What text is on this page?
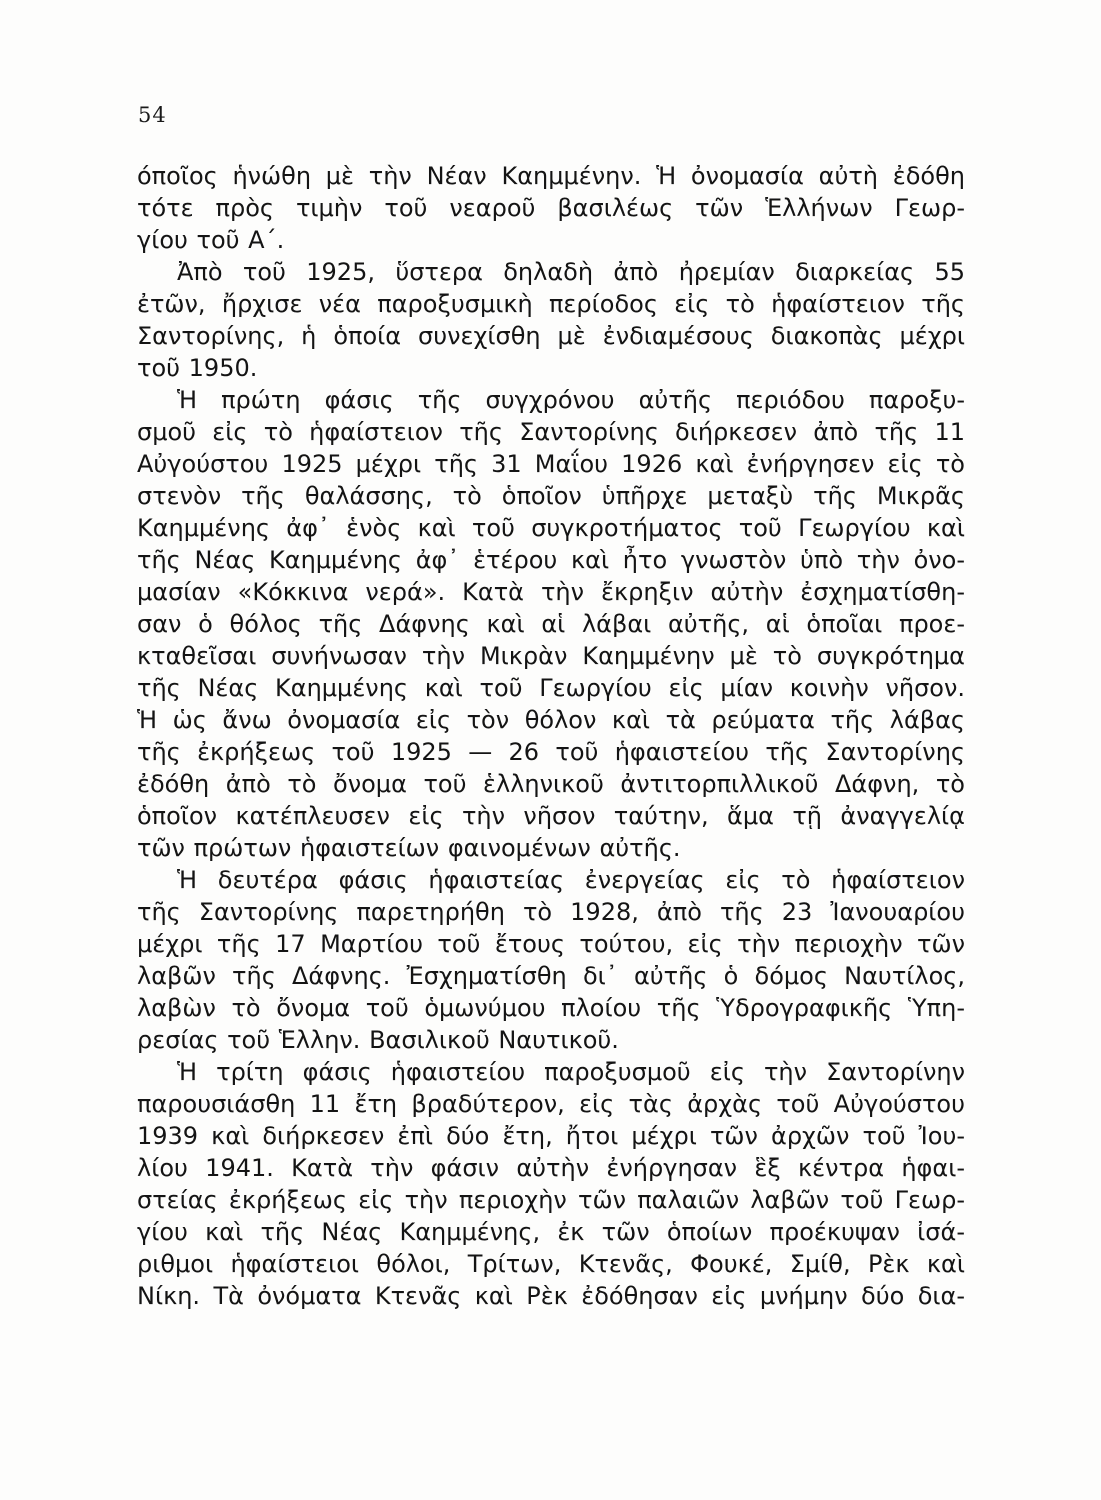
54
όποῖος ἡνώθη μὲ τὴν Νέαν Καημμένην. Ἡ ὀνομασία αὐτὴ ἐδόθη
τότε πρὸς τιμὴν τοῦ νεαροῦ βασιλέως τῶν Ἑλλήνων Γεωρ-
γίου τοῦ Α΄.
Ἀπὸ τοῦ 1925, ὕστερα δηλαδὴ ἀπὸ ἠρεμίαν διαρκείας 55
ἐτῶν, ἤρχισε νέα παροξυσμικὴ περίοδος εἰς τὸ ἡφαίστειον τῆς
Σαντορίνης, ἡ ὁποία συνεχίσθη μὲ ἐνδιαμέσους διακοπὰς μέχρι
τοῦ 1950.
Ἡ πρώτη φάσις τῆς συγχρόνου αὐτῆς περιόδου παροξυ-
σμοῦ εἰς τὸ ἡφαίστειον τῆς Σαντορίνης διήρκεσεν ἀπὸ τῆς 11
Αὐγούστου 1925 μέχρι τῆς 31 Μαΐου 1926 καὶ ἐνήργησεν εἰς τὸ
στενὸν τῆς θαλάσσης, τὸ ὁποῖον ὑπῆρχε μεταξὺ τῆς Μικρᾶς
Καημμένης ἀφ᾽ ἑνὸς καὶ τοῦ συγκροτήματος τοῦ Γεωργίου καὶ
τῆς Νέας Καημμένης ἀφ᾽ ἑτέρου καὶ ἦτο γνωστὸν ὑπὸ τὴν ὀνο-
μασίαν «Κόκκινα νερά». Κατὰ τὴν ἔκρηξιν αὐτὴν ἐσχηματίσθη-
σαν ὁ θόλος τῆς Δάφνης καὶ αἱ λάβαι αὐτῆς, αἱ ὁποῖαι προε-
κταθεῖσαι συνήνωσαν τὴν Μικρὰν Καημμένην μὲ τὸ συγκρότημα
τῆς Νέας Καημμένης καὶ τοῦ Γεωργίου εἰς μίαν κοινὴν νῆσον.
Ἡ ὡς ἄνω ὀνομασία εἰς τὸν θόλον καὶ τὰ ρεύματα τῆς λάβας
τῆς ἐκρήξεως τοῦ 1925 — 26 τοῦ ἡφαιστείου τῆς Σαντορίνης
ἐδόθη ἀπὸ τὸ ὄνομα τοῦ ἑλληνικοῦ ἀντιτορπιλλικοῦ Δάφνη, τὸ
ὁποῖον κατέπλευσεν εἰς τὴν νῆσον ταύτην, ἅμα τῇ ἀναγγελίᾳ
τῶν πρώτων ἡφαιστείων φαινομένων αὐτῆς.
Ἡ δευτέρα φάσις ἡφαιστείας ἐνεργείας εἰς τὸ ἡφαίστειον
τῆς Σαντορίνης παρετηρήθη τὸ 1928, ἀπὸ τῆς 23 Ἰανουαρίου
μέχρι τῆς 17 Μαρτίου τοῦ ἔτους τούτου, εἰς τὴν περιοχὴν τῶν
λαβῶν τῆς Δάφνης. Ἐσχηματίσθη δι᾽ αὐτῆς ὁ δόμος Ναυτίλος,
λαβὼν τὸ ὄνομα τοῦ ὁμωνύμου πλοίου τῆς Ὑδρογραφικῆς Ὑπη-
ρεσίας τοῦ Ἑλλην. Βασιλικοῦ Ναυτικοῦ.
Ἡ τρίτη φάσις ἡφαιστείου παροξυσμοῦ εἰς τὴν Σαντορίνην
παρουσιάσθη 11 ἔτη βραδύτερον, εἰς τὰς ἀρχὰς τοῦ Αὐγούστου
1939 καὶ διήρκεσεν ἐπὶ δύο ἔτη, ἤτοι μέχρι τῶν ἀρχῶν τοῦ Ἰου-
λίου 1941. Κατὰ τὴν φάσιν αὐτὴν ἐνήργησαν ἓξ κέντρα ἡφαι-
στείας ἐκρήξεως εἰς τὴν περιοχὴν τῶν παλαιῶν λαβῶν τοῦ Γεωρ-
γίου καὶ τῆς Νέας Καημμένης, ἐκ τῶν ὁποίων προέκυψαν ἰσά-
ριθμοι ἡφαίστειοι θόλοι, Τρίτων, Κτενᾶς, Φουκέ, Σμίθ, Ρὲκ καὶ
Νίκη. Τὰ ὀνόματα Κτενᾶς καὶ Ρὲκ ἐδόθησαν εἰς μνήμην δύο δια-
